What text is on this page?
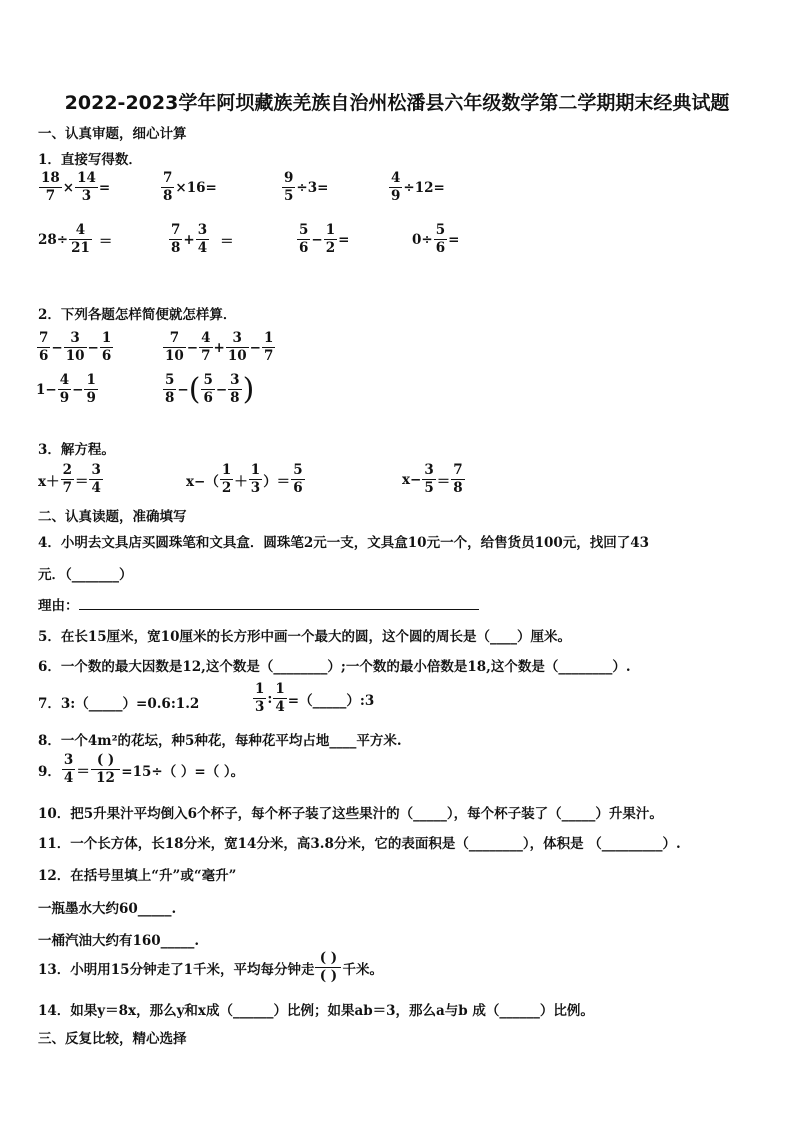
2022-2023学年阿坝藏族羌族自治州松潘县六年级数学第二学期期末经典试题
一、认真审题，细心计算
1．直接写得数．
$\frac{18}{7} \times \frac{14}{3}$ =	$\frac{7}{8} \times 16=$	$\frac{9}{5} \div 3=$	$\frac{4}{9} \div 12=$
$28\div \frac{4}{21}$ ＝	$\frac{7}{8} + \frac{3}{4}$ ＝	$\frac{5}{6} - \frac{1}{2}$ =	$0\div \frac{5}{6}$ =
2．下列各题怎样简便就怎样算．
$\frac{7}{6} - \frac{3}{10} - \frac{1}{6}$	$\frac{7}{10} - \frac{4}{7} + \frac{3}{10} - \frac{1}{7}$
$1- \frac{4}{9} - \frac{1}{9}$	$\frac{5}{8}$ − ( $\frac{5}{6} - \frac{3}{8}$ )
3．解方程。
$x+ \frac{2}{7} = \frac{3}{4}$	$x-( \frac{1}{2} + \frac{1}{3}$ ）＝ $\frac{5}{6}$	$x- \frac{3}{5} = \frac{7}{8}$
二、认真读题，准确填写
4．小明去文具店买圆珠笔和文具盒．圆珠笔2元一支，文具盒10元一个，给售货员100元，找回了43
元．（_______）
理由：
5．在长15厘米，宽10厘米的长方形中画一个最大的圆，这个圆的周长是（____）厘米。
6．一个数的最大因数是12,这个数是（________）;一个数的最小倍数是18,这个数是（________）.
7．3:（_____）=0.6:1.2	$\frac{1}{3}$ : $\frac{1}{4}$ =（_____）:3
8．一个4m²的花坛，种5种花，每种花平均占地____平方米.
9． $\frac{3}{4} = \frac{( )}{12} =15\div$（ ）=（ ）。
10．把5升果汁平均倒入6个杯子，每个杯子装了这些果汁的（_____），每个杯子装了（_____）升果汁。
11．一个长方体，长18分米，宽14分米，高3.8分米，它的表面积是（________），体积是 （_________）.
12．在括号里填上“升”或“毫升”
一瓶墨水大约60_____.
一桶汽油大约有160_____.
13．小明用15分钟走了1千米，平均每分钟走 $\frac{( )}{( )}$ 千米。
14．如果y＝8x，那么y和x成（______）比例；如果ab＝3，那么a与b 成（______）比例。
三、反复比较，精心选择
